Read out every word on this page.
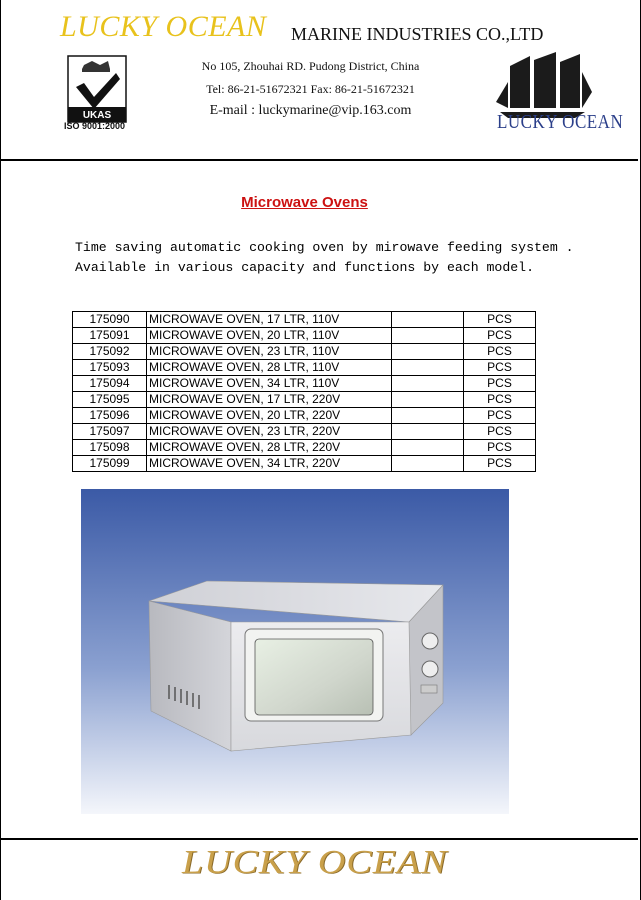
LUCKY OCEAN MARINE INDUSTRIES CO.,LTD
UKAS
ISO 9001:2000
No 105, Zhouhai RD. Pudong District, China
Tel: 86-21-51672321 Fax: 86-21-51672321
E-mail : luckymarine@vip.163.com	LUCKY OCEAN
Microwave Ovens
Time saving automatic cooking oven by mirowave feeding system .
Available in various capacity and functions by each model.
175090	MICROWAVE OVEN, 17 LTR, 110V		PCS
175091	MICROWAVE OVEN, 20 LTR, 110V		PCS
175092	MICROWAVE OVEN, 23 LTR, 110V		PCS
175093	MICROWAVE OVEN, 28 LTR, 110V		PCS
175094	MICROWAVE OVEN, 34 LTR, 110V		PCS
175095	MICROWAVE OVEN, 17 LTR, 220V		PCS
175096	MICROWAVE OVEN, 20 LTR, 220V		PCS
175097	MICROWAVE OVEN, 23 LTR, 220V		PCS
175098	MICROWAVE OVEN, 28 LTR, 220V		PCS
175099	MICROWAVE OVEN, 34 LTR, 220V		PCS
LUCKY OCEAN
